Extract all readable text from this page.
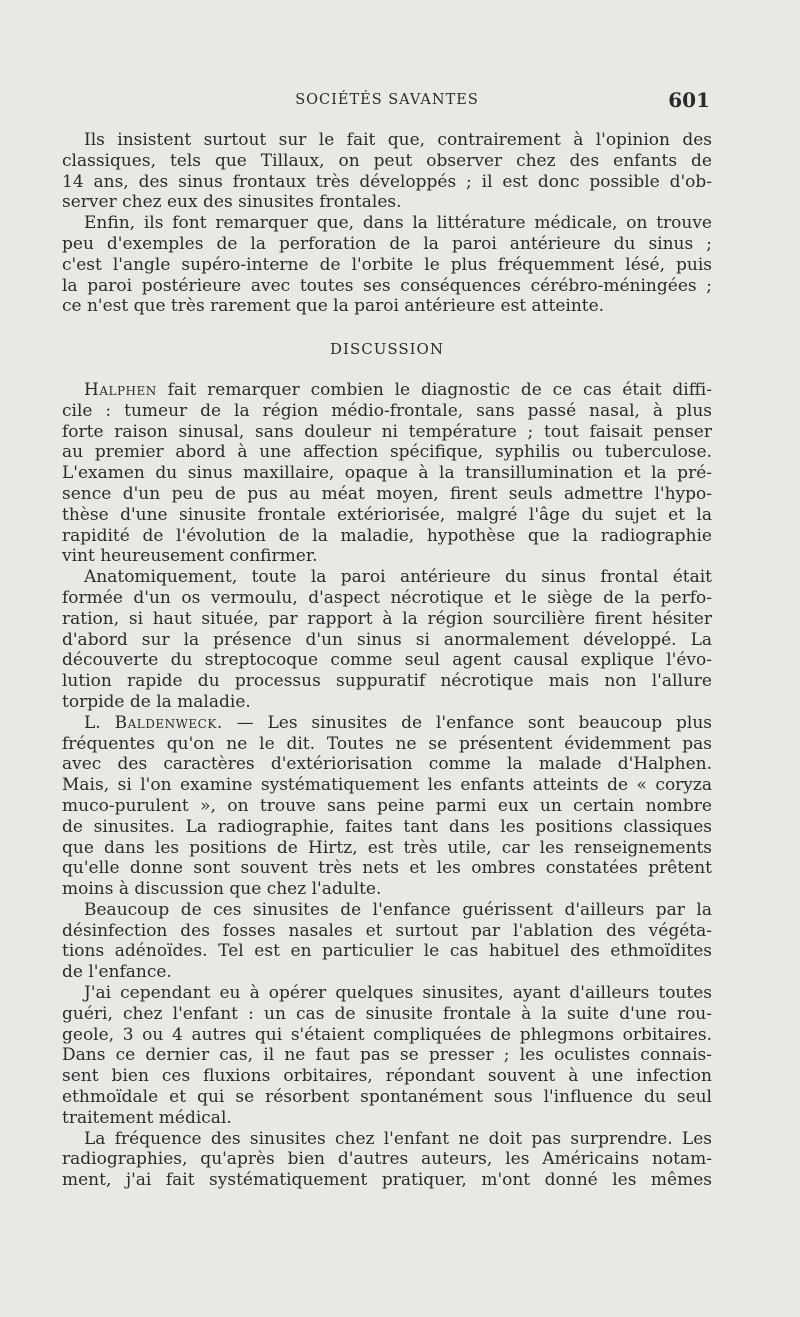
SOCIÉTÉS SAVANTES	601
Ils insistent surtout sur le fait que, contrairement à l'opinion des
classiques, tels que Tillaux, on peut observer chez des enfants de
14 ans, des sinus frontaux très développés ; il est donc possible d'ob-
server chez eux des sinusites frontales.
Enfin, ils font remarquer que, dans la littérature médicale, on trouve
peu d'exemples de la perforation de la paroi antérieure du sinus ;
c'est l'angle supéro-interne de l'orbite le plus fréquemment lésé, puis
la paroi postérieure avec toutes ses conséquences cérébro-méningées ;
ce n'est que très rarement que la paroi antérieure est atteinte.
DISCUSSION
Halphen fait remarquer combien le diagnostic de ce cas était diffi-
cile : tumeur de la région médio-frontale, sans passé nasal, à plus
forte raison sinusal, sans douleur ni température ; tout faisait penser
au premier abord à une affection spécifique, syphilis ou tuberculose.
L'examen du sinus maxillaire, opaque à la transillumination et la pré-
sence d'un peu de pus au méat moyen, firent seuls admettre l'hypo-
thèse d'une sinusite frontale extériorisée, malgré l'âge du sujet et la
rapidité de l'évolution de la maladie, hypothèse que la radiographie
vint heureusement confirmer.
Anatomiquement, toute la paroi antérieure du sinus frontal était
formée d'un os vermoulu, d'aspect nécrotique et le siège de la perfo-
ration, si haut située, par rapport à la région sourcilière firent hésiter
d'abord sur la présence d'un sinus si anormalement développé. La
découverte du streptocoque comme seul agent causal explique l'évo-
lution rapide du processus suppuratif nécrotique mais non l'allure
torpide de la maladie.
L. Baldenweck. — Les sinusites de l'enfance sont beaucoup plus
fréquentes qu'on ne le dit. Toutes ne se présentent évidemment pas
avec des caractères d'extériorisation comme la malade d'Halphen.
Mais, si l'on examine systématiquement les enfants atteints de « coryza
muco-purulent », on trouve sans peine parmi eux un certain nombre
de sinusites. La radiographie, faites tant dans les positions classiques
que dans les positions de Hirtz, est très utile, car les renseignements
qu'elle donne sont souvent très nets et les ombres constatées prêtent
moins à discussion que chez l'adulte.
Beaucoup de ces sinusites de l'enfance guérissent d'ailleurs par la
désinfection des fosses nasales et surtout par l'ablation des végéta-
tions adénoïdes. Tel est en particulier le cas habituel des ethmoïdites
de l'enfance.
J'ai cependant eu à opérer quelques sinusites, ayant d'ailleurs toutes
guéri, chez l'enfant : un cas de sinusite frontale à la suite d'une rou-
geole, 3 ou 4 autres qui s'étaient compliquées de phlegmons orbitaires.
Dans ce dernier cas, il ne faut pas se presser ; les oculistes connais-
sent bien ces fluxions orbitaires, répondant souvent à une infection
ethmoïdale et qui se résorbent spontanément sous l'influence du seul
traitement médical.
La fréquence des sinusites chez l'enfant ne doit pas surprendre. Les
radiographies, qu'après bien d'autres auteurs, les Américains notam-
ment, j'ai fait systématiquement pratiquer, m'ont donné les mêmes
